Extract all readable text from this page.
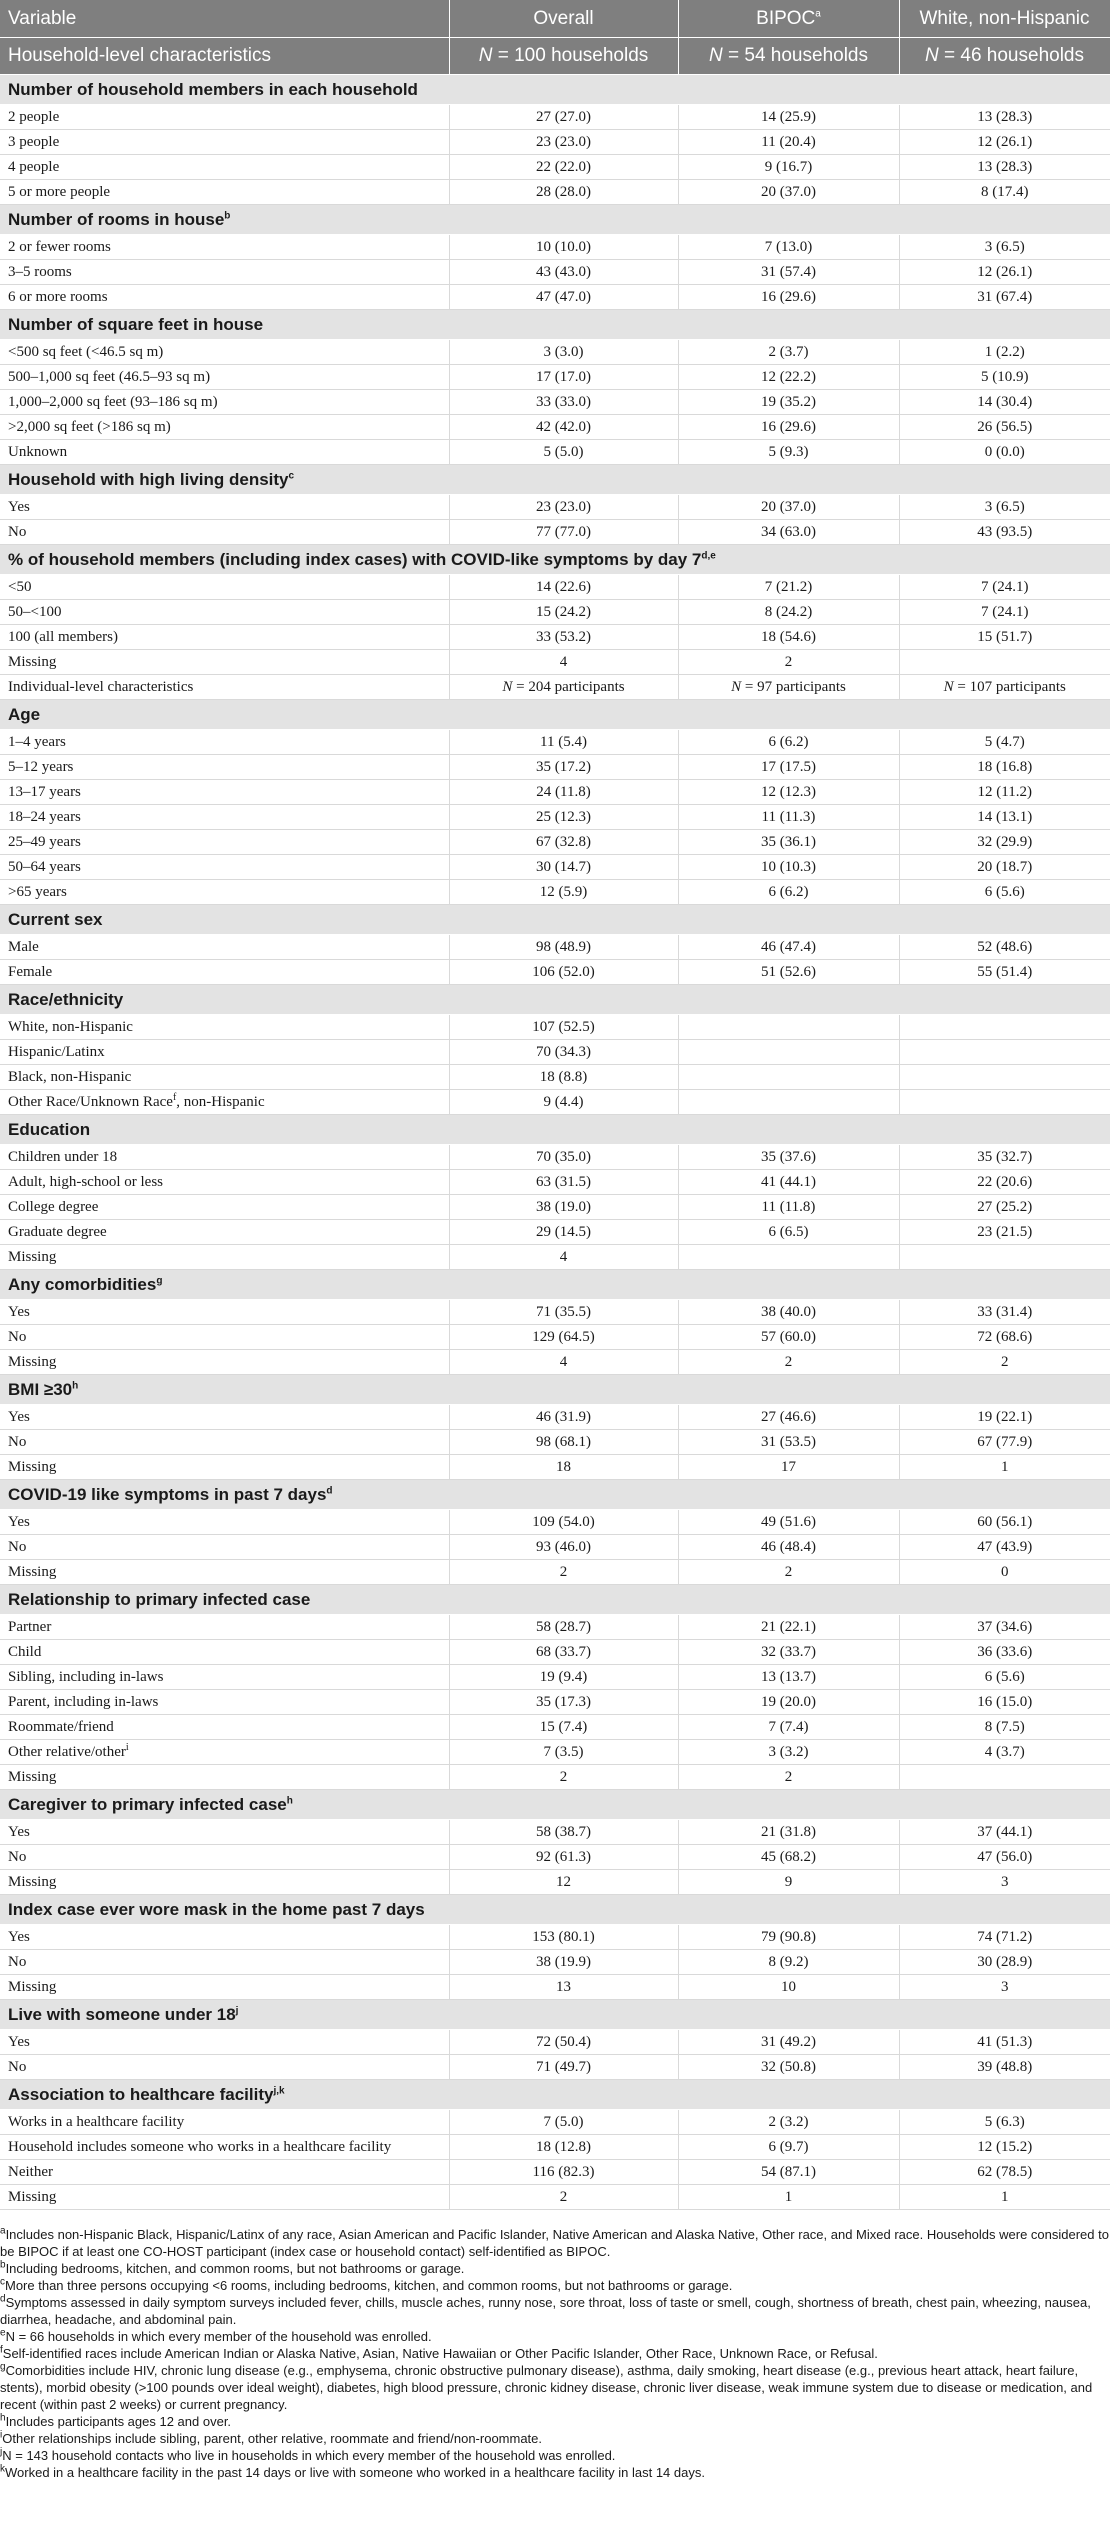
Variable	Overall	BIPOC$^a$	White, non-Hispanic
Household-level characteristics	N = 100 households	N = 54 households	N = 46 households
Number of household members in each household			
2 people	27 (27.0)	14 (25.9)	13 (28.3)
3 people	23 (23.0)	11 (20.4)	12 (26.1)
4 people	22 (22.0)	9 (16.7)	13 (28.3)
5 or more people	28 (28.0)	20 (37.0)	8 (17.4)
Number of rooms in house$^b$
2 or fewer rooms	10 (10.0)	7 (13.0)	3 (6.5)
3–5 rooms	43 (43.0)	31 (57.4)	12 (26.1)
6 or more rooms	47 (47.0)	16 (29.6)	31 (67.4)
Number of square feet in house			
<500 sq feet (<46.5 sq m)	3 (3.0)	2 (3.7)	1 (2.2)
500–1,000 sq feet (46.5–93 sq m)	17 (17.0)	12 (22.2)	5 (10.9)
1,000–2,000 sq feet (93–186 sq m)	33 (33.0)	19 (35.2)	14 (30.4)
>2,000 sq feet (>186 sq m)	42 (42.0)	16 (29.6)	26 (56.5)
Unknown	5 (5.0)	5 (9.3)	0 (0.0)
Household with high living density$^c$
Yes	23 (23.0)	20 (37.0)	3 (6.5)
No	77 (77.0)	34 (63.0)	43 (93.5)
% of household members (including index cases) with COVID-like symptoms by day $7^{d,e}$
<50	14 (22.6)	7 (21.2)	7 (24.1)
50–<100	15 (24.2)	8 (24.2)	7 (24.1)
100 (all members)	33 (53.2)	18 (54.6)	15 (51.7)
Missing	4	2	
Individual-level characteristics	N = 204 participants	N = 97 participants	N = 107 participants
Age			
1–4 years	11 (5.4)	6 (6.2)	5 (4.7)
5–12 years	35 (17.2)	17 (17.5)	18 (16.8)
13–17 years	24 (11.8)	12 (12.3)	12 (11.2)
18–24 years	25 (12.3)	11 (11.3)	14 (13.1)
25–49 years	67 (32.8)	35 (36.1)	32 (29.9)
50–64 years	30 (14.7)	10 (10.3)	20 (18.7)
>65 years	12 (5.9)	6 (6.2)	6 (5.6)
Current sex			
Male	98 (48.9)	46 (47.4)	52 (48.6)
Female	106 (52.0)	51 (52.6)	55 (51.4)
Race/ethnicity			
White, non-Hispanic	107 (52.5)		
Hispanic/Latinx	70 (34.3)		
Black, non-Hispanic	18 (8.8)		
Other Race/Unknown Race$^f$, non-Hispanic	9 (4.4)		
Education			
Children under 18	70 (35.0)	35 (37.6)	35 (32.7)
Adult, high-school or less	63 (31.5)	41 (44.1)	22 (20.6)
College degree	38 (19.0)	11 (11.8)	27 (25.2)
Graduate degree	29 (14.5)	6 (6.5)	23 (21.5)
Missing	4		
Any comorbidities$^g$
Yes	71 (35.5)	38 (40.0)	33 (31.4)
No	129 (64.5)	57 (60.0)	72 (68.6)
Missing	4	2	2
BMI $\ge 30^h$
Yes	46 (31.9)	27 (46.6)	19 (22.1)
No	98 (68.1)	31 (53.5)	67 (77.9)
Missing	18	17	1
COVID-19 like symptoms in past 7 days$^d$
Yes	109 (54.0)	49 (51.6)	60 (56.1)
No	93 (46.0)	46 (48.4)	47 (43.9)
Missing	2	2	0
Relationship to primary infected case			
Partner	58 (28.7)	21 (22.1)	37 (34.6)
Child	68 (33.7)	32 (33.7)	36 (33.6)
Sibling, including in-laws	19 (9.4)	13 (13.7)	6 (5.6)
Parent, including in-laws	35 (17.3)	19 (20.0)	16 (15.0)
Roommate/friend	15 (7.4)	7 (7.4)	8 (7.5)
Other relative/other$^i$	7 (3.5)	3 (3.2)	4 (3.7)
Missing	2	2	
Caregiver to primary infected case$^h$
Yes	58 (38.7)	21 (31.8)	37 (44.1)
No	92 (61.3)	45 (68.2)	47 (56.0)
Missing	12	9	3
Index case ever wore mask in the home past 7 days			
Yes	153 (80.1)	79 (90.8)	74 (71.2)
No	38 (19.9)	8 (9.2)	30 (28.9)
Missing	13	10	3
Live with someone under 18$^j$
Yes	72 (50.4)	31 (49.2)	41 (51.3)
No	71 (49.7)	32 (50.8)	39 (48.8)
Association to healthcare facility$^{j,k}$
Works in a healthcare facility	7 (5.0)	2 (3.2)	5 (6.3)
Household includes someone who works in a healthcare facility	18 (12.8)	6 (9.7)	12 (15.2)
Neither	116 (82.3)	54 (87.1)	62 (78.5)
Missing	2	1	1

$^a$Includes non-Hispanic Black, Hispanic/Latinx of any race, Asian American and Pacific Islander, Native American and Alaska Native, Other race, and Mixed race. Households were considered to be BIPOC if at least one CO-HOST participant (index case or household contact) self-identified as BIPOC.

$^b$Including bedrooms, kitchen, and common rooms, but not bathrooms or garage.

$^c$More than three persons occupying <6 rooms, including bedrooms, kitchen, and common rooms, but not bathrooms or garage.

$^d$Symptoms assessed in daily symptom surveys included fever, chills, muscle aches, runny nose, sore throat, loss of taste or smell, cough, shortness of breath, chest pain, wheezing, nausea, diarrhea, headache, and abdominal pain.

$^e$N = 66 households in which every member of the household was enrolled.

$^f$Self-identified races include American Indian or Alaska Native, Asian, Native Hawaiian or Other Pacific Islander, Other Race, Unknown Race, or Refusal.

$^g$Comorbidities include HIV, chronic lung disease (e.g., emphysema, chronic obstructive pulmonary disease), asthma, daily smoking, heart disease (e.g., previous heart attack, heart failure, stents), morbid obesity (>100 pounds over ideal weight), diabetes, high blood pressure, chronic kidney disease, chronic liver disease, weak immune system due to disease or medication, and recent (within past 2 weeks) or current pregnancy.

$^h$Includes participants ages 12 and over.

$^i$Other relationships include sibling, parent, other relative, roommate and friend/non-roommate.

$^j$N = 143 household contacts who live in households in which every member of the household was enrolled.

$^k$Worked in a healthcare facility in the past 14 days or live with someone who worked in a healthcare facility in last 14 days.
